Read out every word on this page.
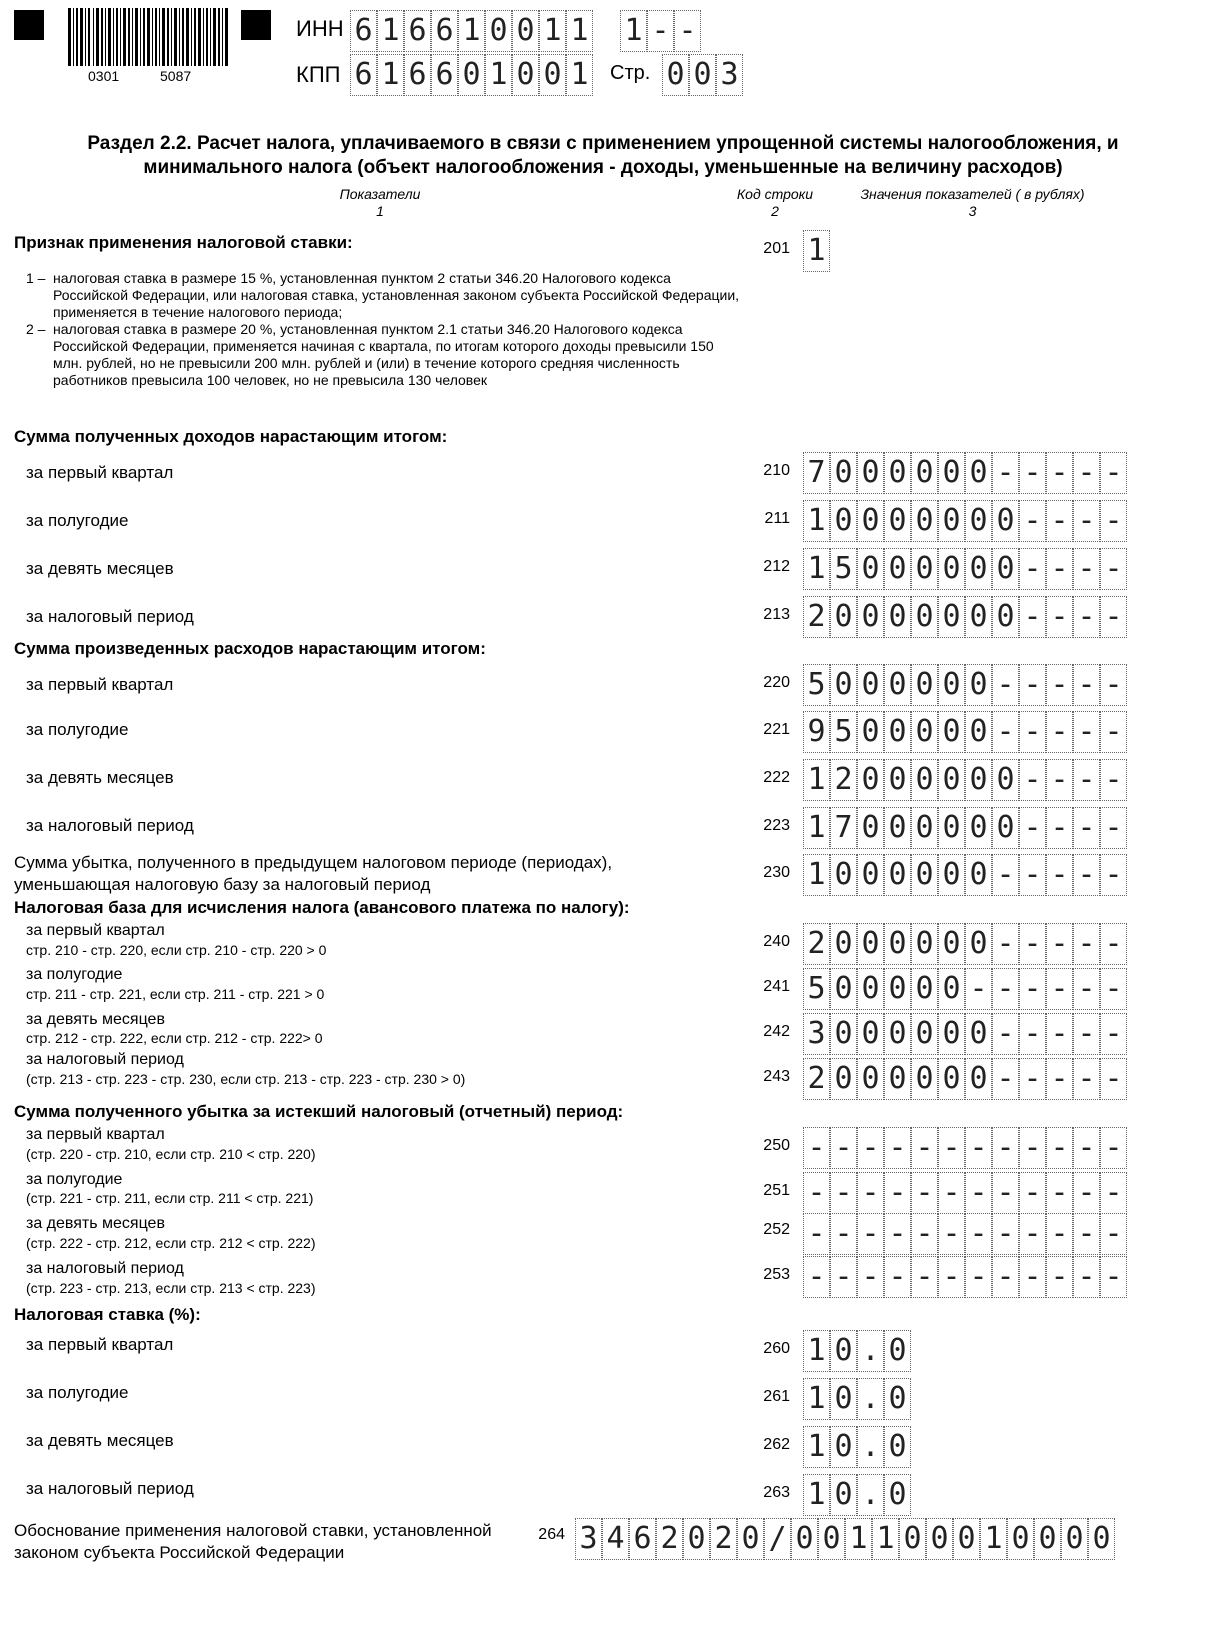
0301	5087
ИНН 6 1 6 6 1 0 0 1 1 1 - -
КПП 6 1 6 6 0 1 0 0 1 Стр. 0 0 3
Раздел 2.2. Расчет налога, уплачиваемого в связи с применением упрощенной системы налогообложения, и минимального налога (объект налогообложения - доходы, уменьшенные на величину расходов)
Показатели
1
Код строки
2
Значения показателей ( в рублях)
3
Признак применения налоговой ставки:	201 1
1 – налоговая ставка в размере 15 %, установленная пунктом 2 статьи 346.20 Налогового кодекса Российской Федерации, или налоговая ставка, установленная законом субъекта Российской Федерации, применяется в течение налогового периода;
2 – налоговая ставка в размере 20 %, установленная пунктом 2.1 статьи 346.20 Налогового кодекса Российской Федерации, применяется начиная с квартала, по итогам которого доходы превысили 150 млн. рублей, но не превысили 200 млн. рублей и (или) в течение которого средняя численность работников превысила 100 человек, но не превысила 130 человек
Сумма полученных доходов нарастающим итогом:
за первый квартал	210 7 0 0 0 0 0 0 - - - - -
за полугодие	211 1 0 0 0 0 0 0 0 - - - -
за девять месяцев	212 1 5 0 0 0 0 0 0 - - - -
за налоговый период	213 2 0 0 0 0 0 0 0 - - - -
Сумма произведенных расходов нарастающим итогом:
за первый квартал	220 5 0 0 0 0 0 0 - - - - -
за полугодие	221 9 5 0 0 0 0 0 - - - - -
за девять месяцев	222 1 2 0 0 0 0 0 0 - - - -
за налоговый период	223 1 7 0 0 0 0 0 0 - - - -
Сумма убытка, полученного в предыдущем налоговом периоде (периодах), уменьшающая налоговую базу за налоговый период
230 1 0 0 0 0 0 0 - - - - -
Налоговая база для исчисления налога (авансового платежа по налогу):
за первый квартал
стр. 210 - стр. 220, если стр. 210 - стр. 220 > 0	240 2 0 0 0 0 0 0 - - - - -
за полугодие
стр. 211 - стр. 221, если стр. 211 - стр. 221 > 0	241 5 0 0 0 0 0 - - - - - -
за девять месяцев
стр. 212 - стр. 222, если стр. 212 - стр. 222> 0	242 3 0 0 0 0 0 0 - - - - -
за налоговый период
(стр. 213 - стр. 223 - стр. 230, если стр. 213 - стр. 223 - стр. 230 > 0)	243 2 0 0 0 0 0 0 - - - - -
Сумма полученного убытка за истекший налоговый (отчетный) период:
за первый квартал
(стр. 220 - стр. 210, если стр. 210 < стр. 220)	250 - - - - - - - - - - - -
за полугодие
(стр. 221 - стр. 211, если стр. 211 < стр. 221)	251 - - - - - - - - - - - -
за девять месяцев
(стр. 222 - стр. 212, если стр. 212 < стр. 222)
252 - - - - - - - - - - - -
за налоговый период
(стр. 223 - стр. 213, если стр. 213 < стр. 223)
253 - - - - - - - - - - - -
Налоговая ставка (%):
за первый квартал	260 1 0 . 0
за полугодие	261 1 0 . 0
за девять месяцев	262 1 0 . 0
за налоговый период	263 1 0 . 0
Обоснование применения налоговой ставки, установленной законом субъекта Российской Федерации
264 3 4 6 2 0 2 0 / 0 0 1 1 0 0 0 1 0 0 0 0
